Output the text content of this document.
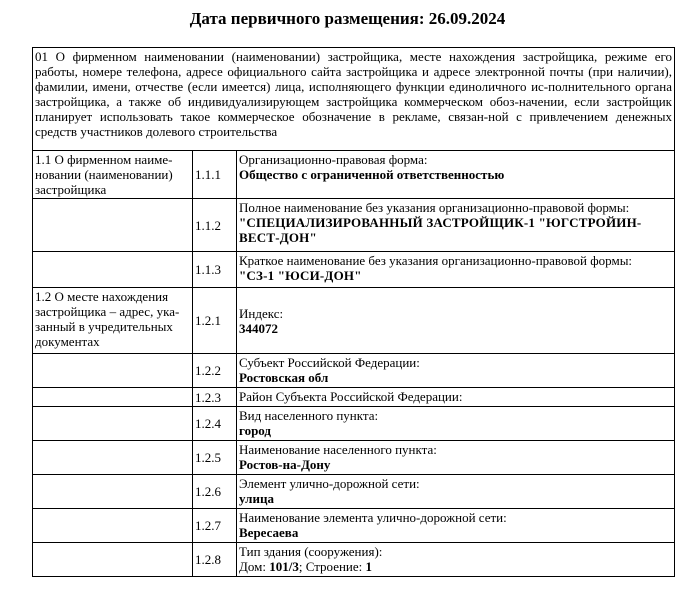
Дата первичного размещения: 26.09.2024
01 О фирменном наименовании (наименовании) застройщика, месте нахождения застройщика, режиме его работы, номере телефона, адресе официального сайта застройщика и адресе электронной почты (при наличии), фамилии, имени, отчестве (если имеется) лица, исполняющего функции единоличного ис-полнительного органа застройщика, а также об индивидуализирующем застройщика коммерческом обоз-начении, если застройщик планирует использовать такое коммерческое обозначение в рекламе, связан-ной с привлечением денежных средств участников долевого строительства		
1.1 О фирменном наиме-новании (наименовании) застройщика	1.1.1	Организационно-правовая форма:
Общество с ограниченной ответственностью

	1.1.2	Полное наименование без указания организационно-правовой формы:
"СПЕЦИАЛИЗИРОВАННЫЙ ЗАСТРОЙЩИК-1 "ЮГСТРОЙИН-ВЕСТ-ДОН"

	1.1.3	Краткое наименование без указания организационно-правовой формы:
"СЗ-1 "ЮСИ-ДОН"

1.2 О месте нахождения застройщика – адрес, ука-занный в учредительных документах	1.2.1	Индекс:
344072

	1.2.2	Субъект Российской Федерации:
Ростовская обл

	1.2.3	Район Субъекта Российской Федерации:

	1.2.4	Вид населенного пункта:
город

	1.2.5	Наименование населенного пункта:
Ростов-на-Дону

	1.2.6	Элемент улично-дорожной сети:
улица

	1.2.7	Наименование элемента улично-дорожной сети:
Вересаева

	1.2.8	Тип здания (сооружения):
Дом: 101/3; Строение: 1
